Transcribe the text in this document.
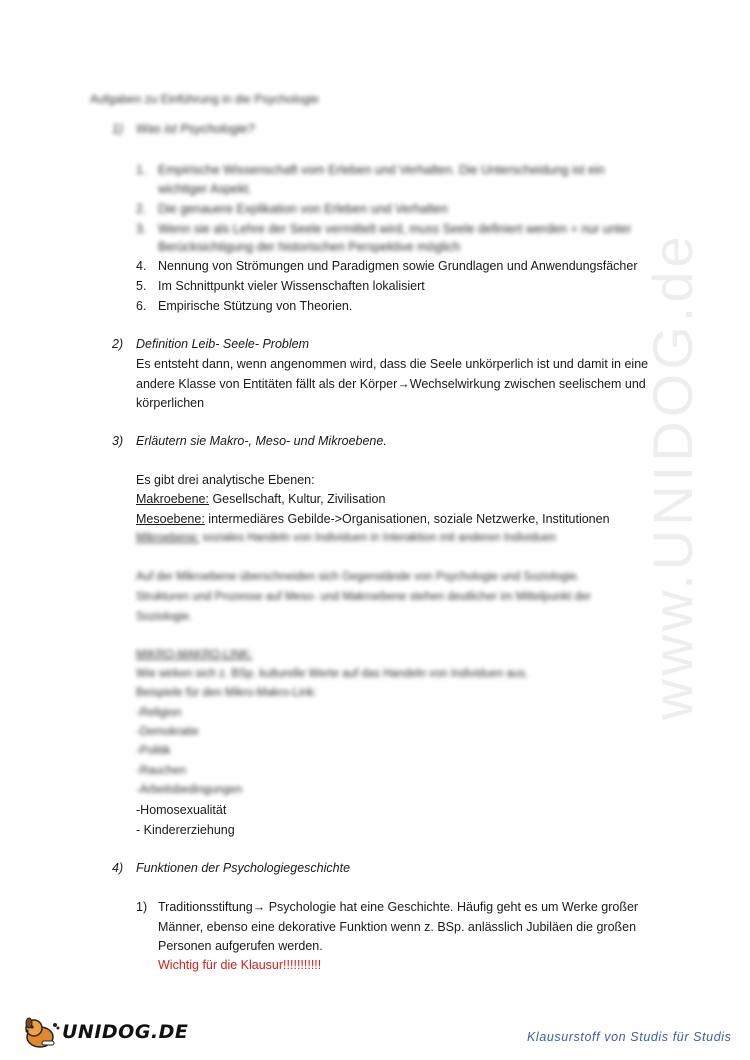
www.UNIDOG.de
Aufgaben zu Einführung in die Psychologie
1) Was ist Psychologie?
1. Empirische Wissenschaft vom Erleben und Verhalten. Die Unterscheidung ist ein
wichtiger Aspekt.
2. Die genauere Explikation von Erleben und Verhalten
3. Wenn sie als Lehre der Seele vermittelt wird, muss Seele definiert werden + nur unter
Berücksichtigung der historischen Perspektive möglich
4. Nennung von Strömungen und Paradigmen sowie Grundlagen und Anwendungsfächer
5. Im Schnittpunkt vieler Wissenschaften lokalisiert
6. Empirische Stützung von Theorien.
2) Definition Leib- Seele- Problem
Es entsteht dann, wenn angenommen wird, dass die Seele unkörperlich ist und damit in eine
andere Klasse von Entitäten fällt als der Körper→Wechselwirkung zwischen seelischem und
körperlichen
3) Erläutern sie Makro-, Meso- und Mikroebene.
Es gibt drei analytische Ebenen:
Makroebene: Gesellschaft, Kultur, Zivilisation
Mesoebene: intermediäres Gebilde->Organisationen, soziale Netzwerke, Institutionen
Mikroebene: soziales Handeln von Individuen in Interaktion mit anderen Individuen
Auf der Mikroebene überschneiden sich Gegenstände von Psychologie und Soziologie.
Strukturen und Prozesse auf Meso- und Makroebene stehen deutlicher im Mittelpunkt der
Soziologie.
MIKRO-MAKRO-LINK:
Wie wirken sich z. BSp. kulturelle Werte auf das Handeln von Individuen aus.
Beispiele für den Mikro-Makro-Link:
-Religion
-Demokratie
-Politik
-Rauchen
-Arbeitsbedingungen
-Homosexualität
- Kindererziehung
4) Funktionen der Psychologiegeschichte
1) Traditionsstiftung→ Psychologie hat eine Geschichte. Häufig geht es um Werke großer
Männer, ebenso eine dekorative Funktion wenn z. BSp. anlässlich Jubiläen die großen
Personen aufgerufen werden.
Wichtig für die Klausur!!!!!!!!!!!
UNIDOG.DE	Klausurstoff von Studis für Studis
